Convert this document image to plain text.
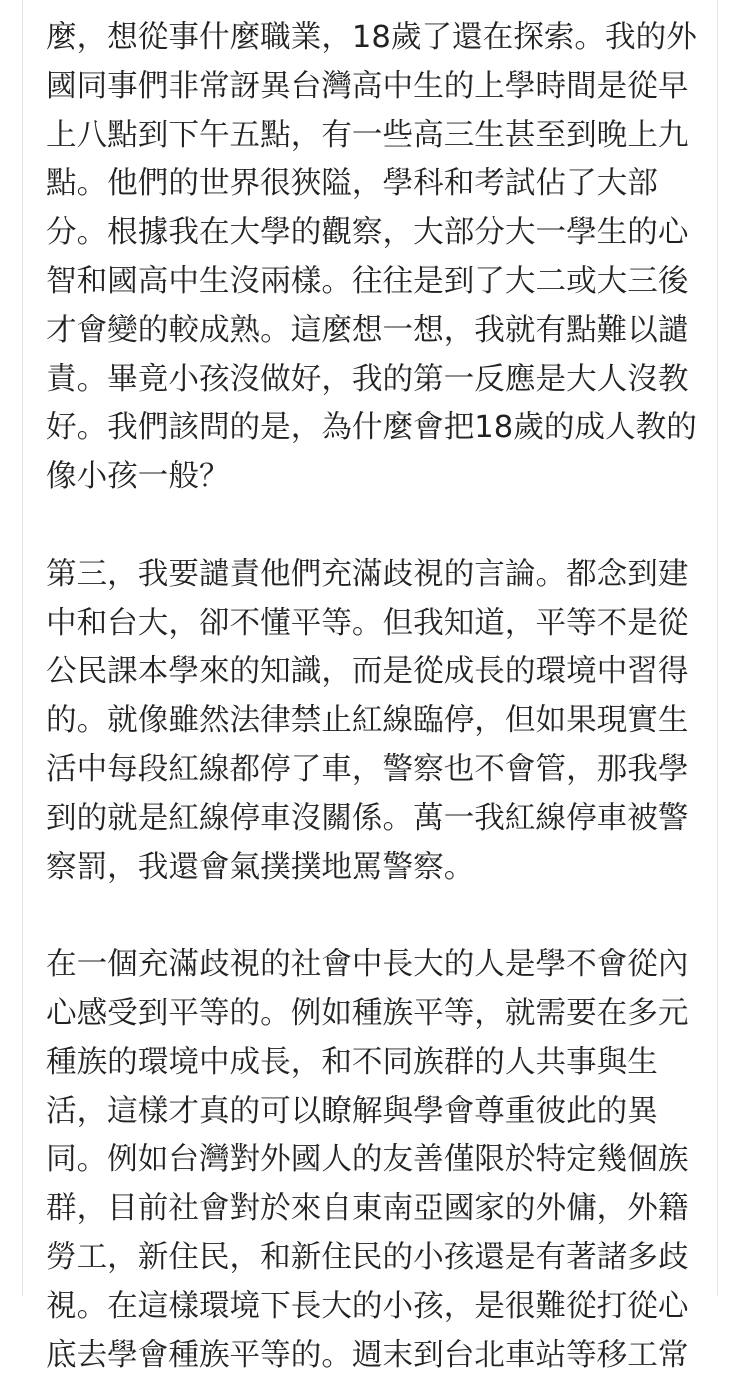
麼，想從事什麼職業，18歲了還在探索。我的外
國同事們非常訝異台灣高中生的上學時間是從早
上八點到下午五點，有一些高三生甚至到晚上九
點。他們的世界很狹隘，學科和考試佔了大部
分。根據我在大學的觀察，大部分大一學生的心
智和國高中生沒兩樣。往往是到了大二或大三後
才會變的較成熟。這麼想一想，我就有點難以譴
責。畢竟小孩沒做好，我的第一反應是大人沒教
好。我們該問的是，為什麼會把18歲的成人教的
像小孩一般？

第三，我要譴責他們充滿歧視的言論。都念到建
中和台大，卻不懂平等。但我知道，平等不是從
公民課本學來的知識，而是從成長的環境中習得
的。就像雖然法律禁止紅線臨停，但如果現實生
活中每段紅線都停了車，警察也不會管，那我學
到的就是紅線停車沒關係。萬一我紅線停車被警
察罰，我還會氣撲撲地罵警察。

在一個充滿歧視的社會中長大的人是學不會從內
心感受到平等的。例如種族平等，就需要在多元
種族的環境中成長，和不同族群的人共事與生
活，這樣才真的可以瞭解與學會尊重彼此的異
同。例如台灣對外國人的友善僅限於特定幾個族
群，目前社會對於來自東南亞國家的外傭，外籍
勞工，新住民，和新住民的小孩還是有著諸多歧
視。在這樣環境下長大的小孩，是很難從打從心
底去學會種族平等的。週末到台北車站等移工常
